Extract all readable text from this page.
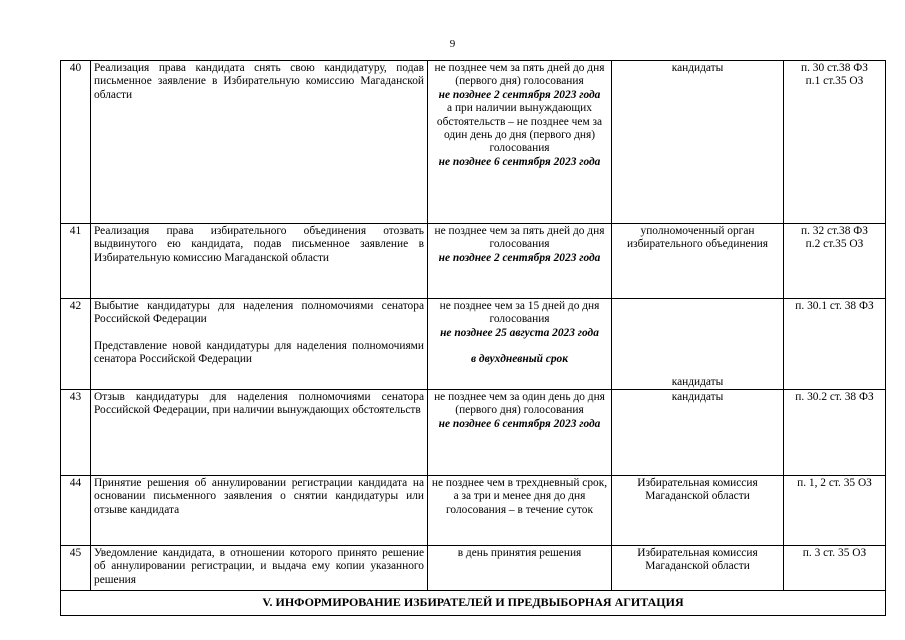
9
40	Реализация права кандидата снять свою кандидатуру, подав письменное заявление в Избирательную комиссию Магаданской области	не позднее чем за пять дней до дня (первого дня) голосования
не позднее 2 сентября 2023 года
а при наличии вынуждающих обстоятельств – не позднее чем за один день до дня (первого дня) голосования
не позднее 6 сентября 2023 года	кандидаты	п. 30 ст.38 ФЗ
п.1 ст.35 ОЗ

41	Реализация права избирательного объединения отозвать выдвинутого ею кандидата, подав письменное заявление в Избирательную комиссию Магаданской области	не позднее чем за пять дней до дня голосования
не позднее 2 сентября 2023 года	уполномоченный орган избирательного объединения	п. 32 ст.38 ФЗ
п.2 ст.35 ОЗ

42	Выбытие кандидатуры для наделения полномочиями сенатора Российской Федерации
Представление новой кандидатуры для наделения полномочиями сенатора Российской Федерации	не позднее чем за 15 дней до дня голосования
не позднее 25 августа 2023 года
в двухдневный срок	кандидаты	п. 30.1 ст. 38 ФЗ
43	Отзыв кандидатуры для наделения полномочиями сенатора Российской Федерации, при наличии вынуждающих обстоятельств	не позднее чем за один день до дня (первого дня) голосования
не позднее 6 сентября 2023 года	кандидаты	п. 30.2 ст. 38 ФЗ
44	Принятие решения об аннулировании регистрации кандидата на основании письменного заявления о снятии кандидатуры или отзыве кандидата	не позднее чем в трехдневный срок, а за три и менее дня до дня голосования – в течение суток	Избирательная комиссия Магаданской области	п. 1, 2 ст. 35 ОЗ
45	Уведомление кандидата, в отношении которого принято решение об аннулировании регистрации, и выдача ему копии указанного решения	в день принятия решения	Избирательная комиссия Магаданской области	п. 3 ст. 35 ОЗ
V. ИНФОРМИРОВАНИЕ ИЗБИРАТЕЛЕЙ И ПРЕДВЫБОРНАЯ АГИТАЦИЯ				
